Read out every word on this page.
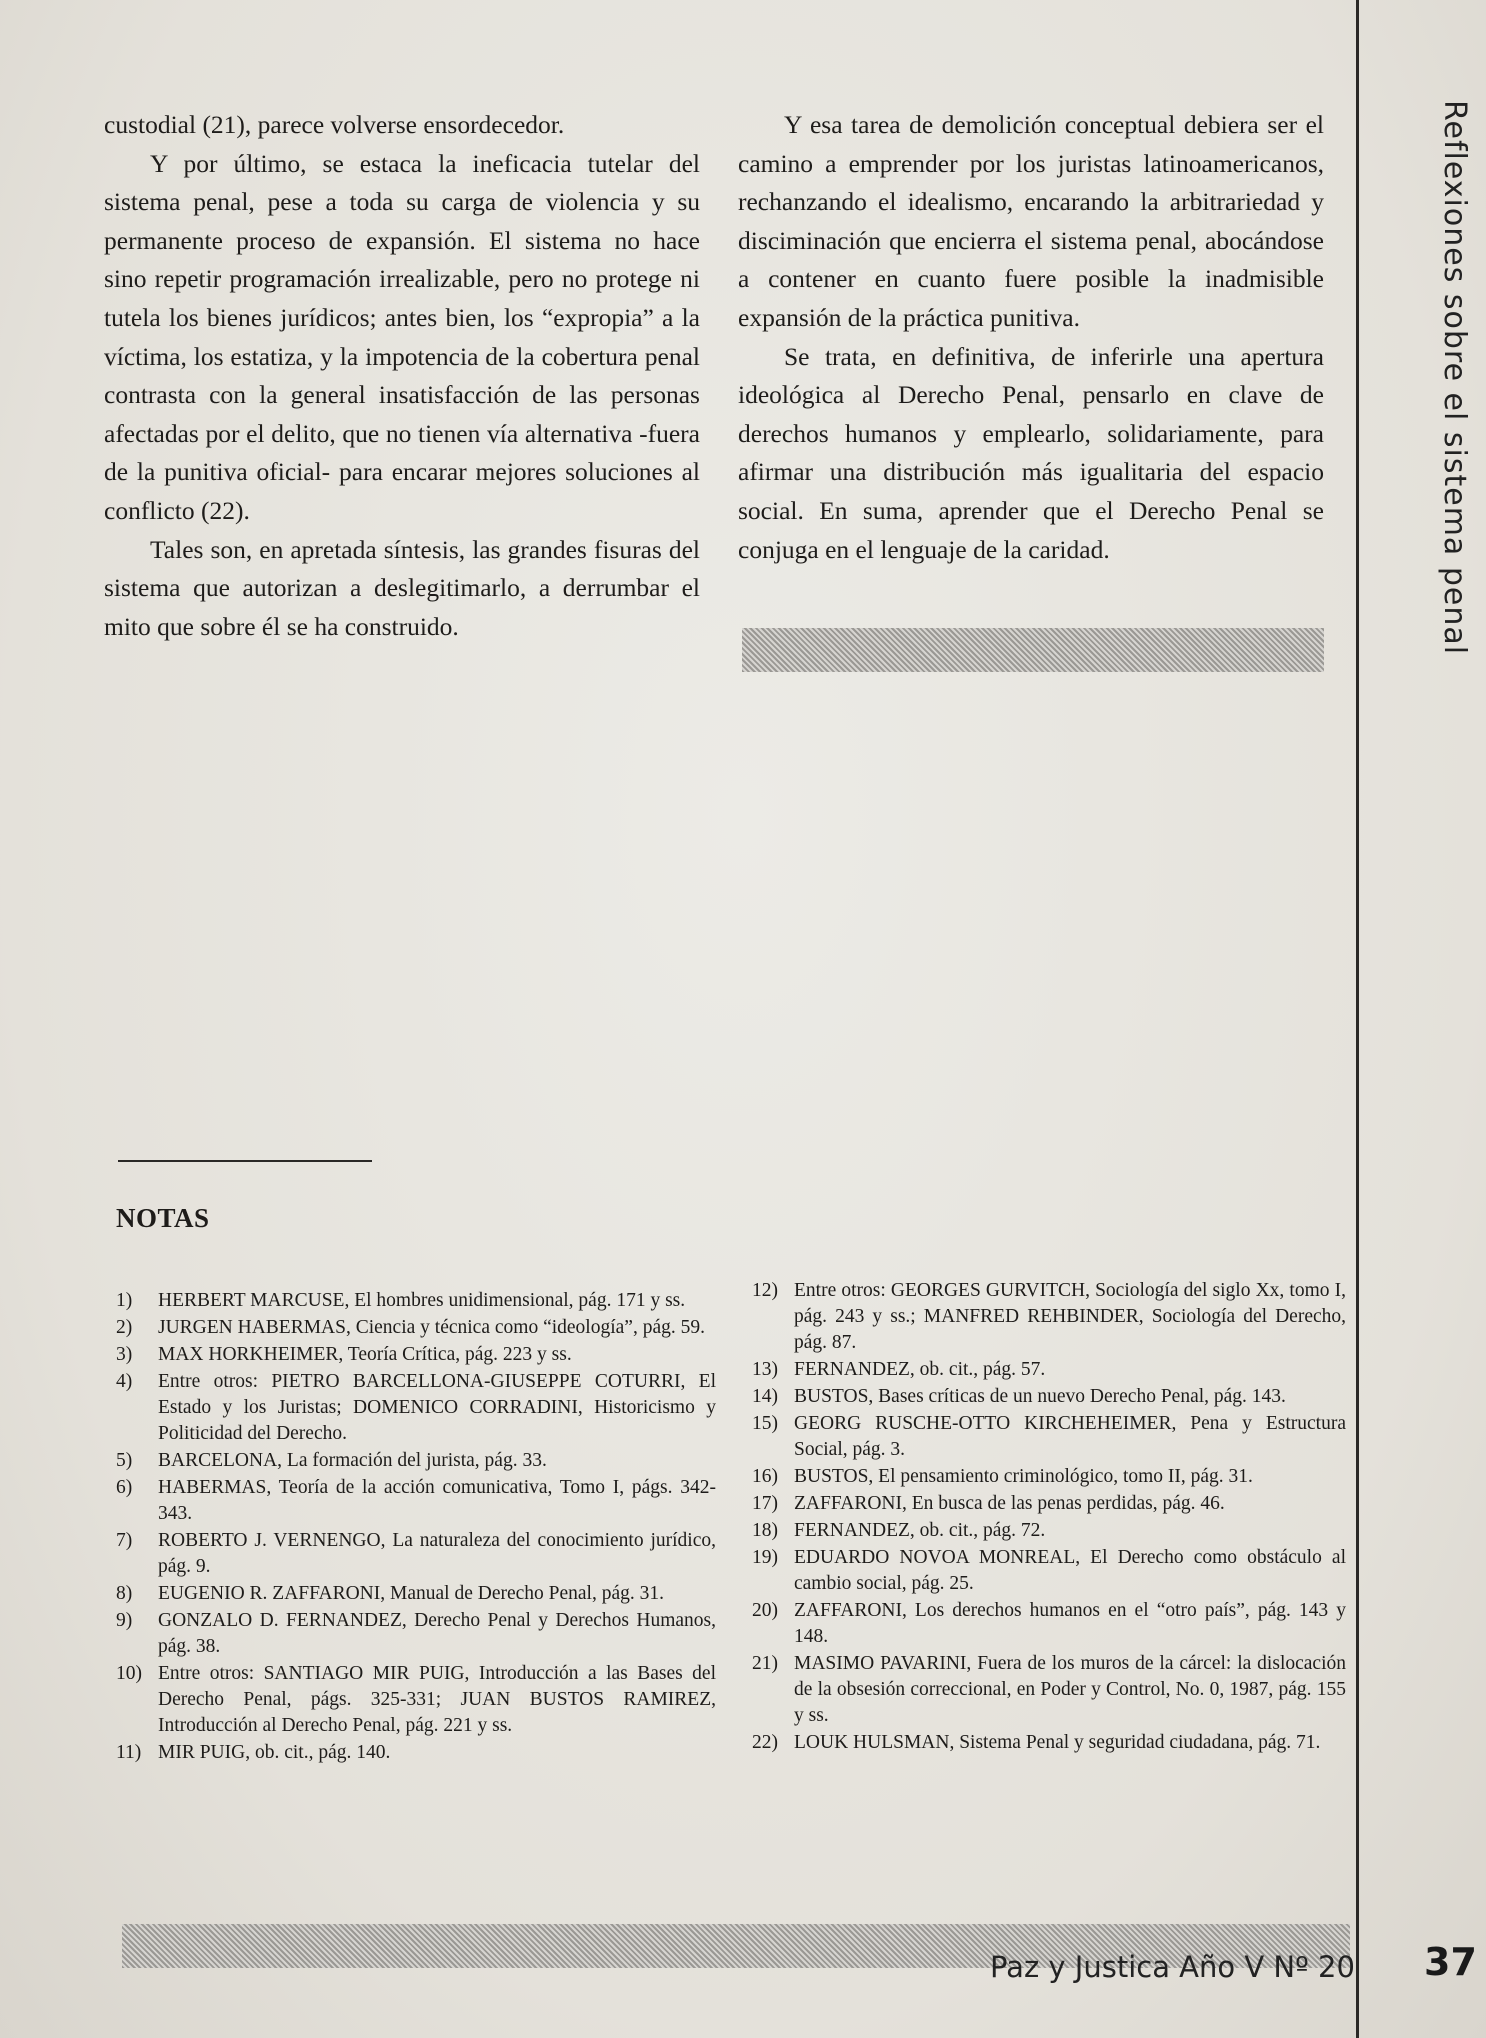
Reflexiones sobre el sistema penal

custodial (21), parece volverse ensordecedor.

Y por último, se estaca la ineficacia tutelar del sistema penal, pese a toda su carga de violencia y su permanente proceso de expansión. El sistema no hace sino repetir programación irrealizable, pero no protege ni tutela los bienes jurídicos; antes bien, los “expropia” a la víctima, los estatiza, y la impotencia de la cobertura penal contrasta con la general insatisfacción de las personas afectadas por el delito, que no tienen vía alternativa -fuera de la punitiva oficial- para encarar mejores soluciones al conflicto (22).

Tales son, en apretada síntesis, las grandes fisuras del sistema que autorizan a deslegitimarlo, a derrumbar el mito que sobre él se ha construido.

Y esa tarea de demolición conceptual debiera ser el camino a emprender por los juristas latinoamericanos, rechanzando el idealismo, encarando la arbitrariedad y disciminación que encierra el sistema penal, abocándose a contener en cuanto fuere posible la inadmisible expansión de la práctica punitiva.

Se trata, en definitiva, de inferirle una apertura ideológica al Derecho Penal, pensarlo en clave de derechos humanos y emplearlo, solidariamente, para afirmar una distribución más igualitaria del espacio social. En suma, aprender que el Derecho Penal se conjuga en el lenguaje de la caridad.

NOTAS
1) HERBERT MARCUSE, El hombres unidimensional, pág. 171 y ss.
2) JURGEN HABERMAS, Ciencia y técnica como “ideología”, pág. 59.
3) MAX HORKHEIMER, Teoría Crítica, pág. 223 y ss.
4) Entre otros: PIETRO BARCELLONA-GIUSEPPE COTURRI, El Estado y los Juristas; DOMENICO CORRADINI, Historicismo y Politicidad del Derecho.
5) BARCELONA, La formación del jurista, pág. 33.
6) HABERMAS, Teoría de la acción comunicativa, Tomo I, págs. 342-343.
7) ROBERTO J. VERNENGO, La naturaleza del conocimiento jurídico, pág. 9.
8) EUGENIO R. ZAFFARONI, Manual de Derecho Penal, pág. 31.
9) GONZALO D. FERNANDEZ, Derecho Penal y Derechos Humanos, pág. 38.
10) Entre otros: SANTIAGO MIR PUIG, Introducción a las Bases del Derecho Penal, págs. 325-331; JUAN BUSTOS RAMIREZ, Introducción al Derecho Penal, pág. 221 y ss.
11) MIR PUIG, ob. cit., pág. 140.
12) Entre otros: GEORGES GURVITCH, Sociología del siglo Xx, tomo I, pág. 243 y ss.; MANFRED REHBINDER, Sociología del Derecho, pág. 87.
13) FERNANDEZ, ob. cit., pág. 57.
14) BUSTOS, Bases críticas de un nuevo Derecho Penal, pág. 143.
15) GEORG RUSCHE-OTTO KIRCHEHEIMER, Pena y Estructura Social, pág. 3.
16) BUSTOS, El pensamiento criminológico, tomo II, pág. 31.
17) ZAFFARONI, En busca de las penas perdidas, pág. 46.
18) FERNANDEZ, ob. cit., pág. 72.
19) EDUARDO NOVOA MONREAL, El Derecho como obstáculo al cambio social, pág. 25.
20) ZAFFARONI, Los derechos humanos en el “otro país”, pág. 143 y 148.
21) MASIMO PAVARINI, Fuera de los muros de la cárcel: la dislocación de la obsesión correccional, en Poder y Control, No. 0, 1987, pág. 155 y ss.
22) LOUK HULSMAN, Sistema Penal y seguridad ciudadana, pág. 71.
Paz y Justica Año V Nº 20 37
